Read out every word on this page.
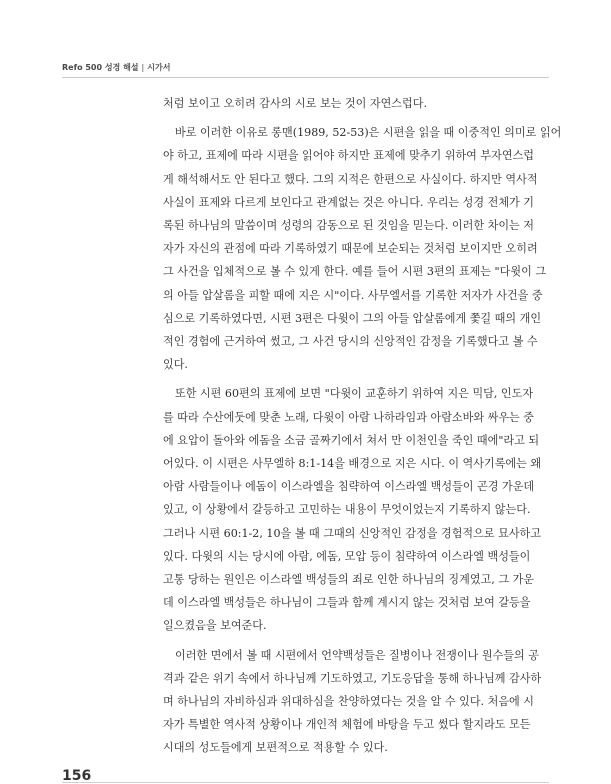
Refo 500 성경 해설 | 시가서
처럼 보이고 오히려 감사의 시로 보는 것이 자연스럽다.
바로 이러한 이유로 롱맨(1989, 52-53)은 시편을 읽을 때 이중적인 의미로 읽어
야 하고, 표제에 따라 시편을 읽어야 하지만 표제에 맞추기 위하여 부자연스럽
게 해석해서도 안 된다고 했다. 그의 지적은 한편으로 사실이다. 하지만 역사적
사실이 표제와 다르게 보인다고 관계없는 것은 아니다. 우리는 성경 전체가 기
록된 하나님의 말씀이며 성령의 감동으로 된 것임을 믿는다. 이러한 차이는 저
자가 자신의 관점에 따라 기록하였기 때문에 보순되는 것처럼 보이지만 오히려
그 사건을 입체적으로 볼 수 있게 한다. 예를 들어 시편 3편의 표제는 "다윗이 그
의 아들 압살롬을 피할 때에 지은 시"이다. 사무엘서를 기록한 저자가 사건을 중
심으로 기록하였다면, 시편 3편은 다윗이 그의 아들 압살롬에게 쫓길 때의 개인
적인 경험에 근거하여 썼고, 그 사건 당시의 신앙적인 감정을 기록했다고 볼 수
있다.
또한 시편 60편의 표제에 보면 "다윗이 교훈하기 위하여 지은 믹담, 인도자
를 따라 수산에둣에 맞춘 노래, 다윗이 아람 나하라임과 아람소바와 싸우는 중
에 요압이 돌아와 에돔을 소금 골짜기에서 쳐서 만 이천인을 죽인 때에"라고 되
어있다. 이 시편은 사무엘하 8:1-14을 배경으로 지은 시다. 이 역사기록에는 왜
아람 사람들이나 에돔이 이스라엘을 침략하여 이스라엘 백성들이 곤경 가운데
있고, 이 상황에서 갈등하고 고민하는 내용이 무엇이었는지 기록하지 않는다.
그러나 시편 60:1-2, 10을 볼 때 그때의 신앙적인 감정을 경험적으로 묘사하고
있다. 다윗의 시는 당시에 아람, 에돔, 모압 등이 침략하여 이스라엘 백성들이
고통 당하는 원인은 이스라엘 백성들의 죄로 인한 하나님의 징계였고, 그 가운
데 이스라엘 백성들은 하나님이 그들과 함께 계시지 않는 것처럼 보여 갈등을
일으켰음을 보여준다.
이러한 면에서 볼 때 시편에서 언약백성들은 질병이나 전쟁이나 원수들의 공
격과 같은 위기 속에서 하나님께 기도하였고, 기도응답을 통해 하나님께 감사하
며 하나님의 자비하심과 위대하심을 찬양하였다는 것을 알 수 있다. 처음에 시
자가 특별한 역사적 상황이나 개인적 체험에 바탕을 두고 썼다 할지라도 모든
시대의 성도들에게 보편적으로 적용할 수 있다.
156
